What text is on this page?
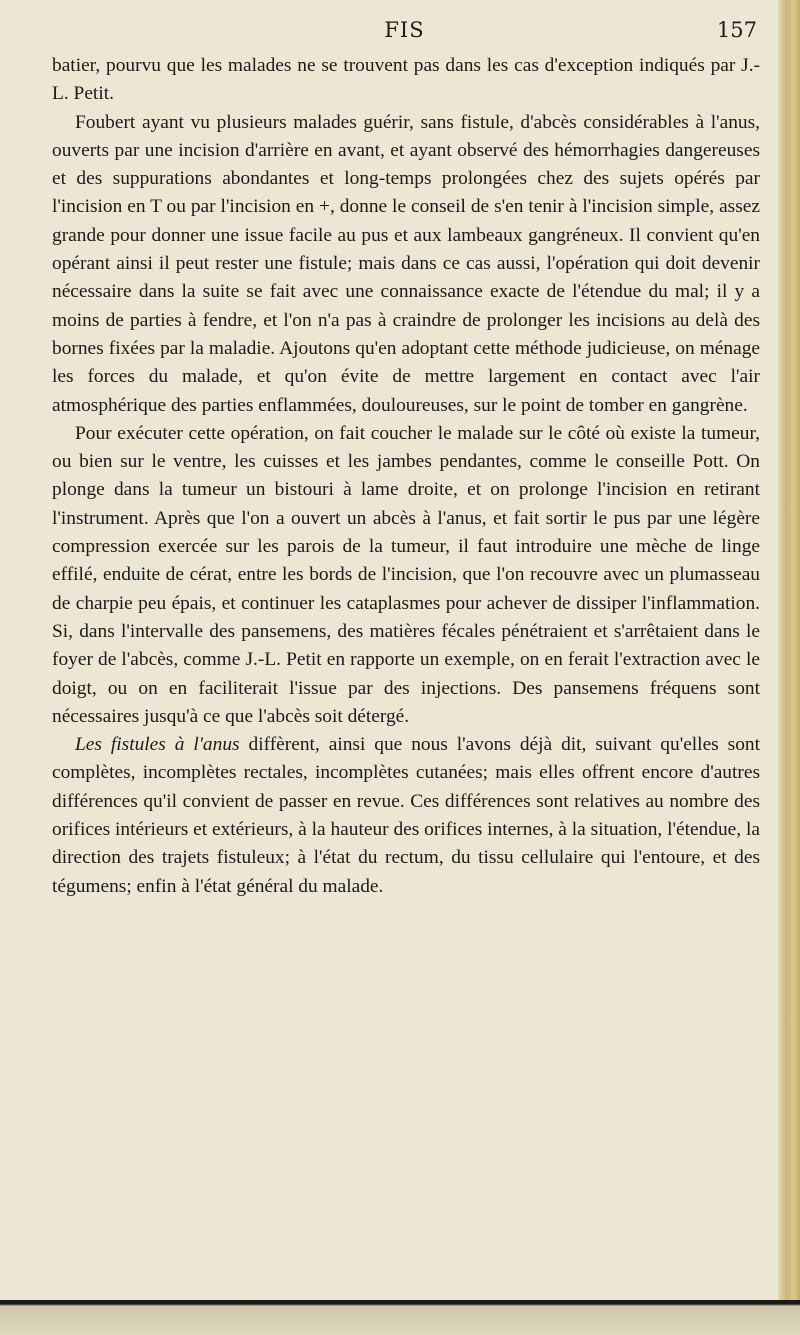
FIS	157

batier, pourvu que les malades ne se trouvent pas dans les cas d'exception indiqués par J.-L. Petit.

Foubert ayant vu plusieurs malades guérir, sans fistule, d'abcès considérables à l'anus, ouverts par une incision d'arrière en avant, et ayant observé des hémorrhagies dangereuses et des suppurations abondantes et long-temps prolongées chez des sujets opérés par l'incision en T ou par l'incision en +, donne le conseil de s'en tenir à l'incision simple, assez grande pour donner une issue facile au pus et aux lambeaux gangréneux. Il convient qu'en opérant ainsi il peut rester une fistule; mais dans ce cas aussi, l'opération qui doit devenir nécessaire dans la suite se fait avec une connaissance exacte de l'étendue du mal; il y a moins de parties à fendre, et l'on n'a pas à craindre de prolonger les incisions au delà des bornes fixées par la maladie. Ajoutons qu'en adoptant cette méthode judicieuse, on ménage les forces du malade, et qu'on évite de mettre largement en contact avec l'air atmosphérique des parties enflammées, douloureuses, sur le point de tomber en gangrène.

Pour exécuter cette opération, on fait coucher le malade sur le côté où existe la tumeur, ou bien sur le ventre, les cuisses et les jambes pendantes, comme le conseille Pott. On plonge dans la tumeur un bistouri à lame droite, et on prolonge l'incision en retirant l'instrument. Après que l'on a ouvert un abcès à l'anus, et fait sortir le pus par une légère compression exercée sur les parois de la tumeur, il faut introduire une mèche de linge effilé, enduite de cérat, entre les bords de l'incision, que l'on recouvre avec un plumasseau de charpie peu épais, et continuer les cataplasmes pour achever de dissiper l'inflammation. Si, dans l'intervalle des pansemens, des matières fécales pénétraient et s'arrêtaient dans le foyer de l'abcès, comme J.-L. Petit en rapporte un exemple, on en ferait l'extraction avec le doigt, ou on en faciliterait l'issue par des injections. Des pansemens fréquens sont nécessaires jusqu'à ce que l'abcès soit détergé.

Les fistules à l'anus diffèrent, ainsi que nous l'avons déjà dit, suivant qu'elles sont complètes, incomplètes rectales, incomplètes cutanées; mais elles offrent encore d'autres différences qu'il convient de passer en revue. Ces différences sont relatives au nombre des orifices intérieurs et extérieurs, à la hauteur des orifices internes, à la situation, l'étendue, la direction des trajets fistuleux; à l'état du rectum, du tissu cellulaire qui l'entoure, et des tégumens; enfin à l'état général du malade.
